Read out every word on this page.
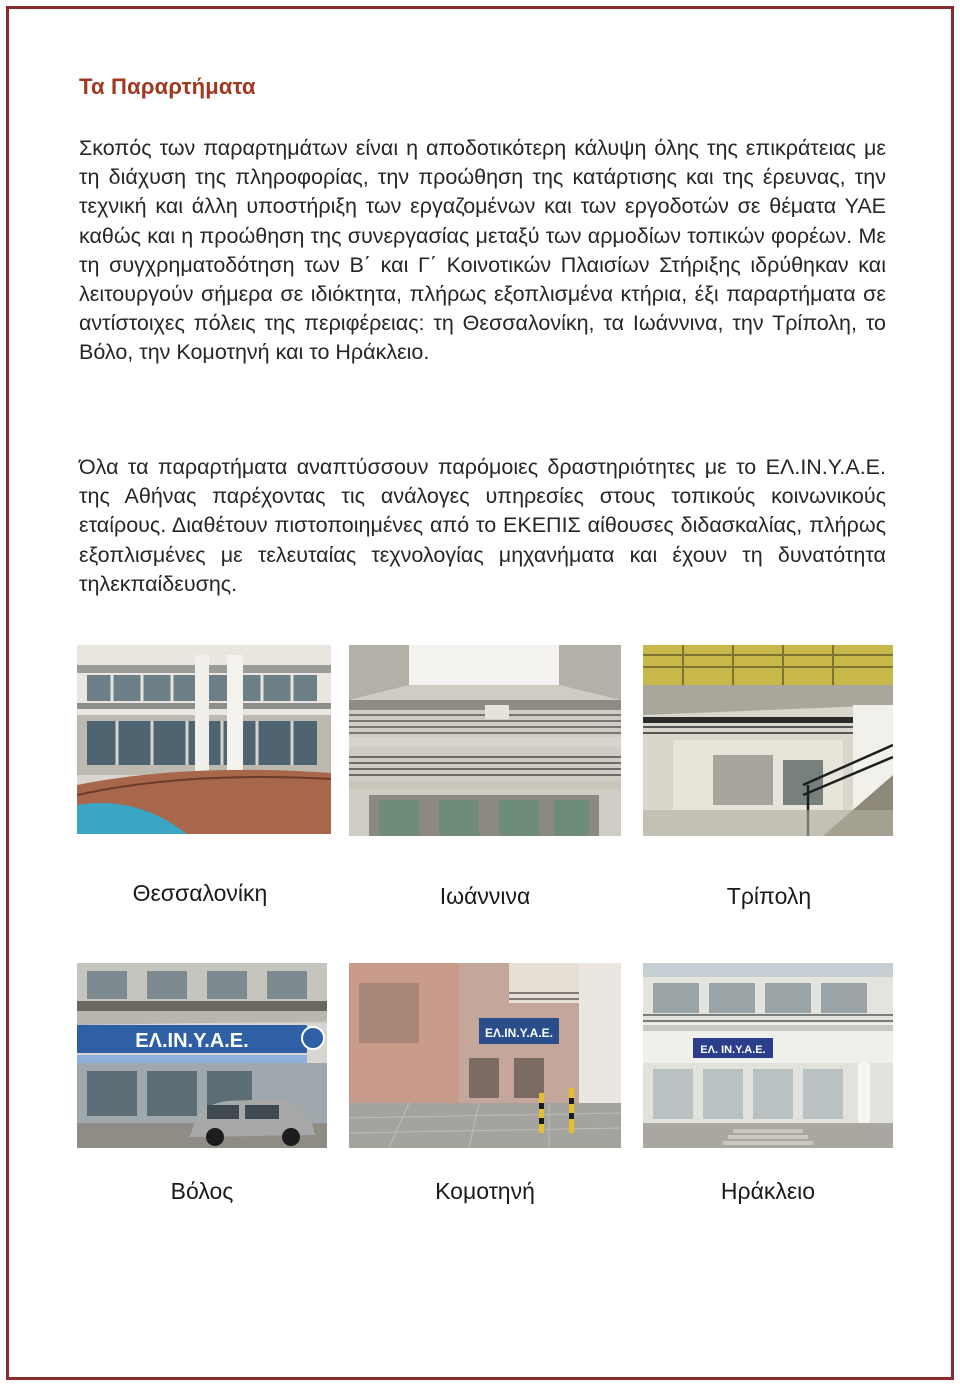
Τα Παραρτήματα

Σκοπός των παραρτημάτων είναι η αποδοτικότερη κάλυψη όλης της επικράτειας με τη διάχυση της πληροφορίας, την προώθηση της κατάρτισης και της έρευνας, την τεχνική και άλλη υποστήριξη των εργαζομένων και των εργοδοτών σε θέματα ΥΑΕ καθώς και η προώθηση της συνεργασίας μεταξύ των αρμοδίων τοπικών φορέων. Με τη συγχρηματοδότηση των Β΄ και Γ΄ Κοινοτικών Πλαισίων Στήριξης ιδρύθηκαν και λειτουργούν σήμερα σε ιδιόκτητα, πλήρως εξοπλισμένα κτήρια, έξι παραρτήματα σε αντίστοιχες πόλεις της περιφέρειας: τη Θεσσαλονίκη, τα Ιωάννινα, την Τρίπολη, το Βόλο, την Κομοτηνή και το Ηράκλειο.

Όλα τα παραρτήματα αναπτύσσουν παρόμοιες δραστηριότητες με το ΕΛ.ΙΝ.Υ.Α.Ε. της Αθήνας παρέχοντας τις ανάλογες υπηρεσίες στους τοπικούς κοινωνικούς εταίρους. Διαθέτουν πιστοποιημένες από το ΕΚΕΠΙΣ αίθουσες διδασκαλίας, πλήρως εξοπλισμένες με τελευταίας τεχνολογίας μηχανήματα και έχουν τη δυνατότητα τηλεκπαίδευσης.

Θεσσαλονίκη	Ιωάννινα	Τρίπολη
ΕΛ.ΙΝ.Υ.Α.Ε.	ΕΛ.ΙΝ.Υ.Α.Ε.
ΕΛ. ΙΝ.Υ.Α.Ε.
Βόλος	Κομοτηνή	Ηράκλειο
